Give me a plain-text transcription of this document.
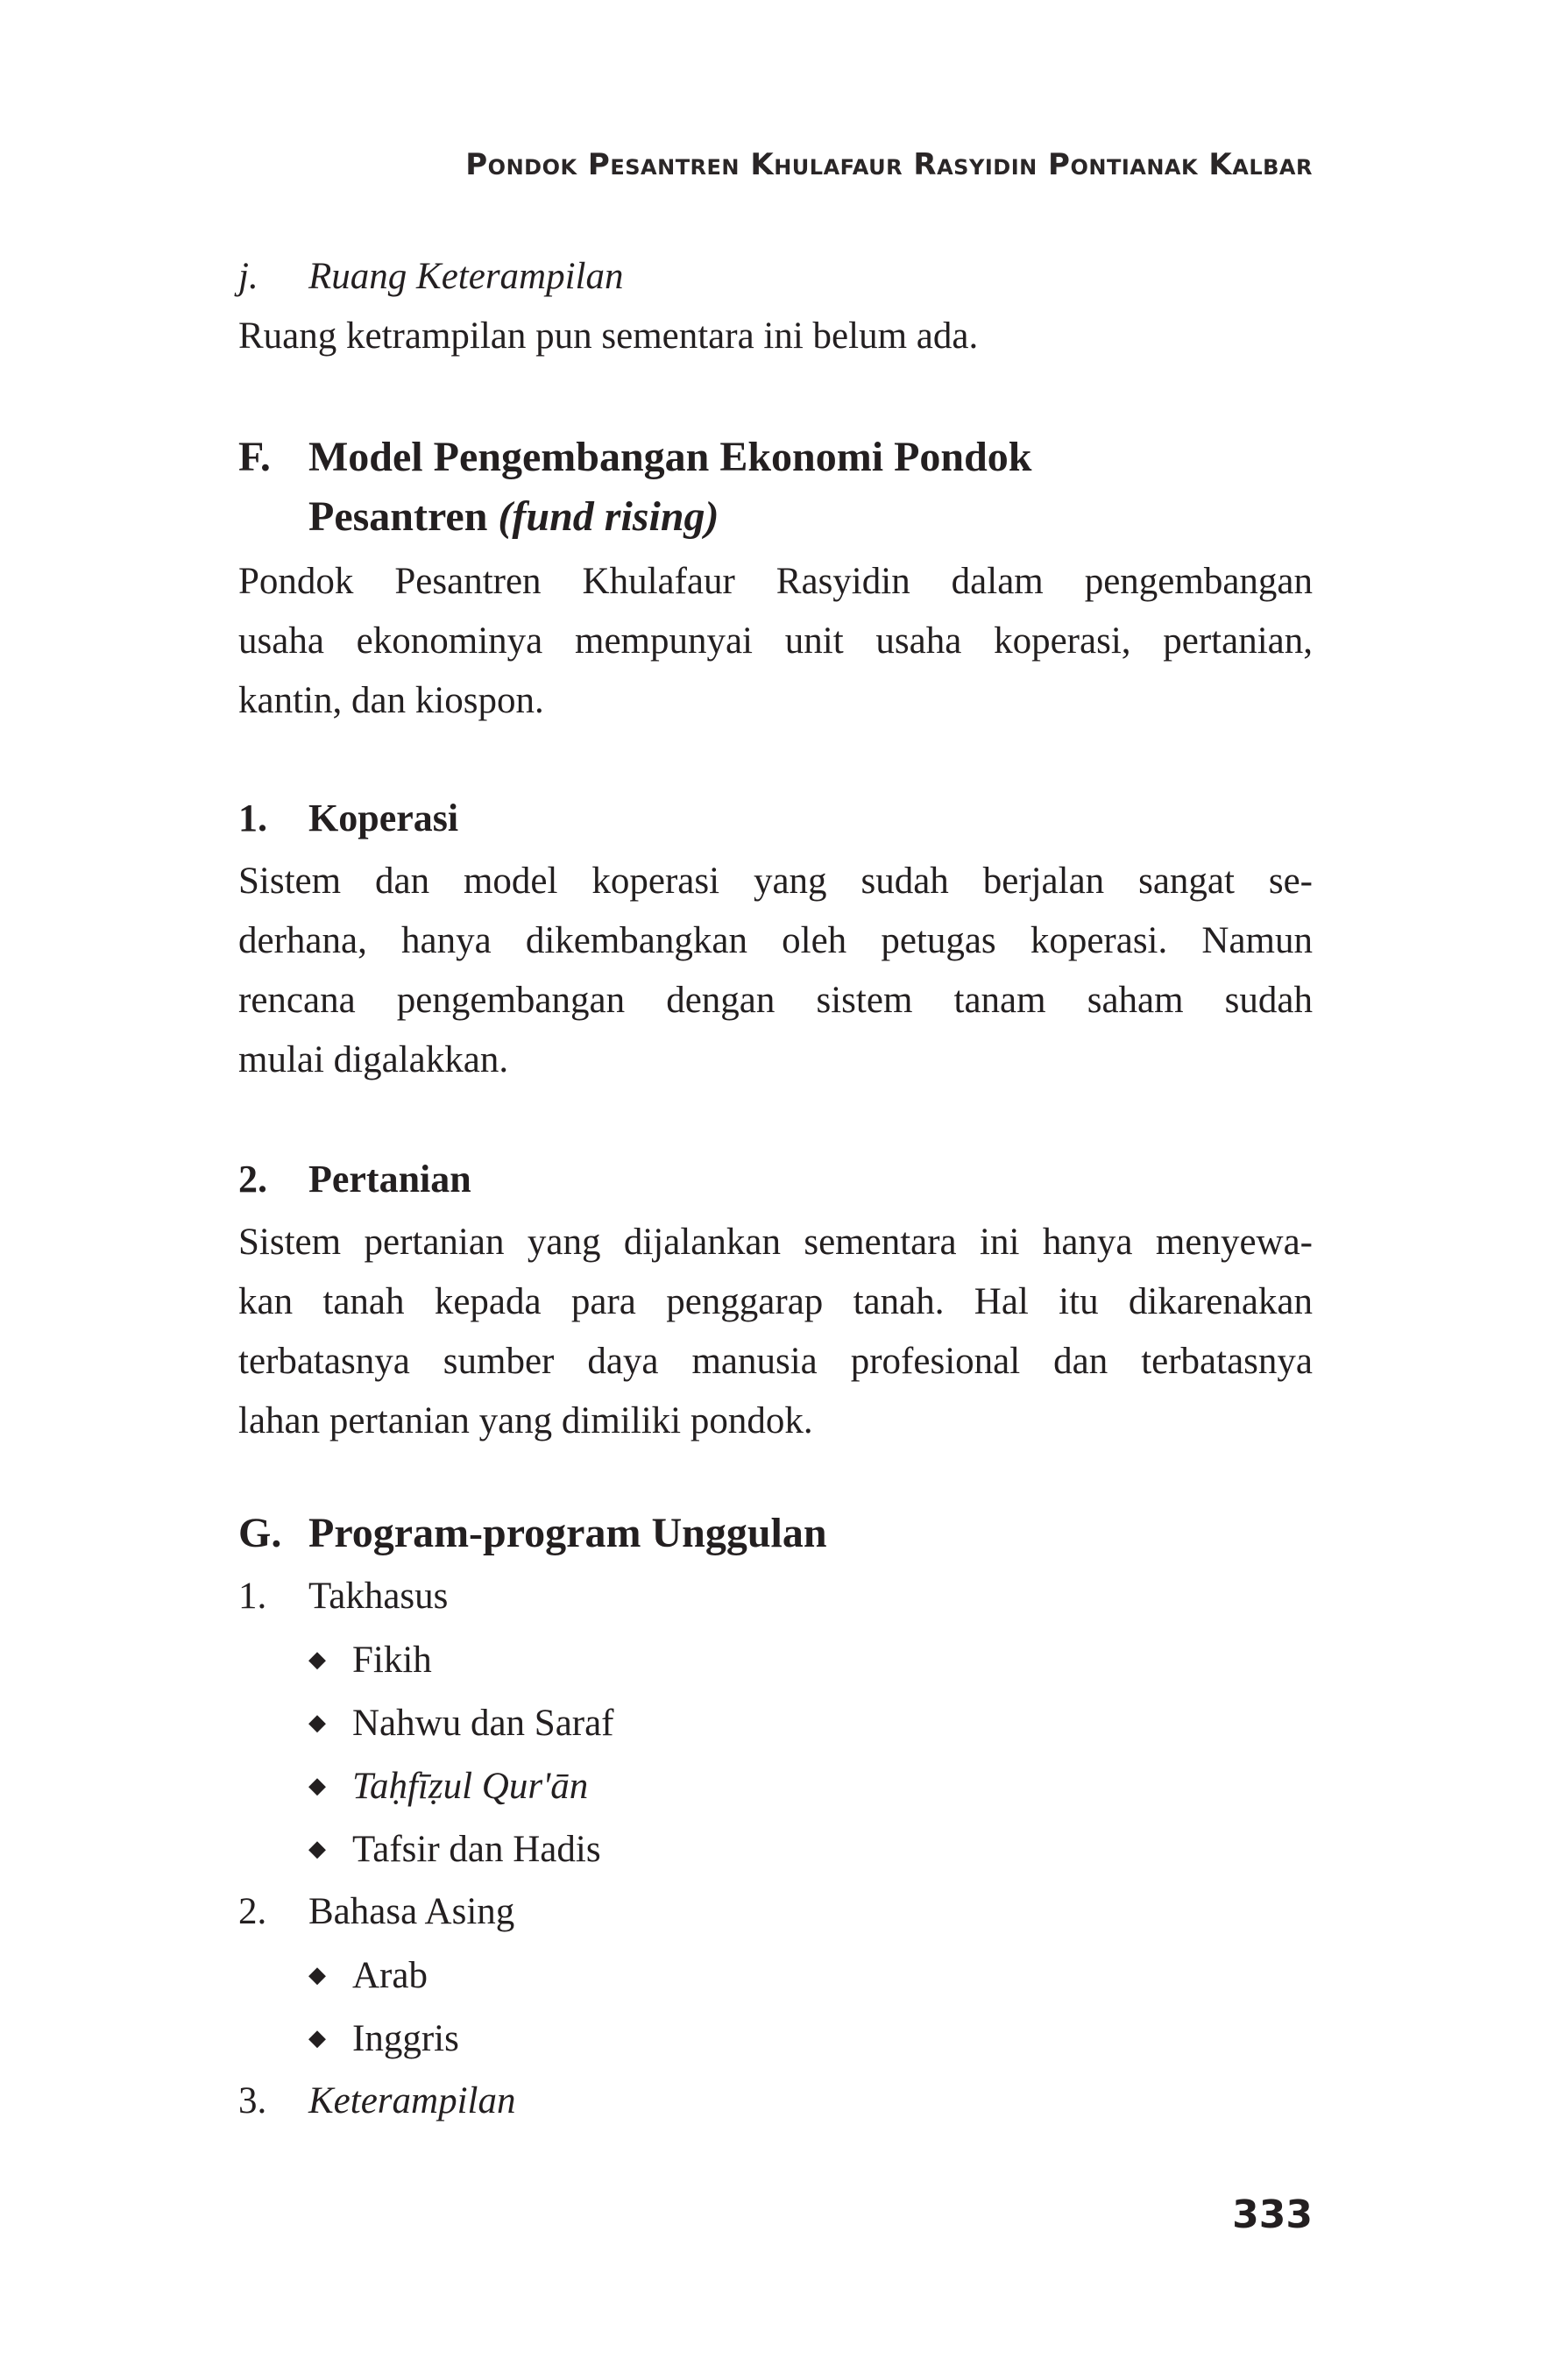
Pondok Pesantren Khulafaur Rasyidin Pontianak Kalbar
j. Ruang Keterampilan
Ruang ketrampilan pun sementara ini belum ada.
F. Model Pengembangan Ekonomi Pondok
Pesantren (fund rising)
Pondok Pesantren Khulafaur Rasyidin dalam pengembangan
usaha ekonominya mempunyai unit usaha koperasi, pertanian,
kantin, dan kiospon.
1. Koperasi
Sistem dan model koperasi yang sudah berjalan sangat se-
derhana, hanya dikembangkan oleh petugas koperasi. Namun
rencana pengembangan dengan sistem tanam saham sudah
mulai digalakkan.
2. Pertanian
Sistem pertanian yang dijalankan sementara ini hanya menyewa-
kan tanah kepada para penggarap tanah. Hal itu dikarenakan
terbatasnya sumber daya manusia profesional dan terbatasnya
lahan pertanian yang dimiliki pondok.
G. Program-program Unggulan
1. Takhasus
◆ Fikih
◆ Nahwu dan Saraf
◆ Taḥfīẓul Qur'ān
◆ Tafsir dan Hadis
2. Bahasa Asing
◆ Arab
◆ Inggris
3. Keterampilan
333
